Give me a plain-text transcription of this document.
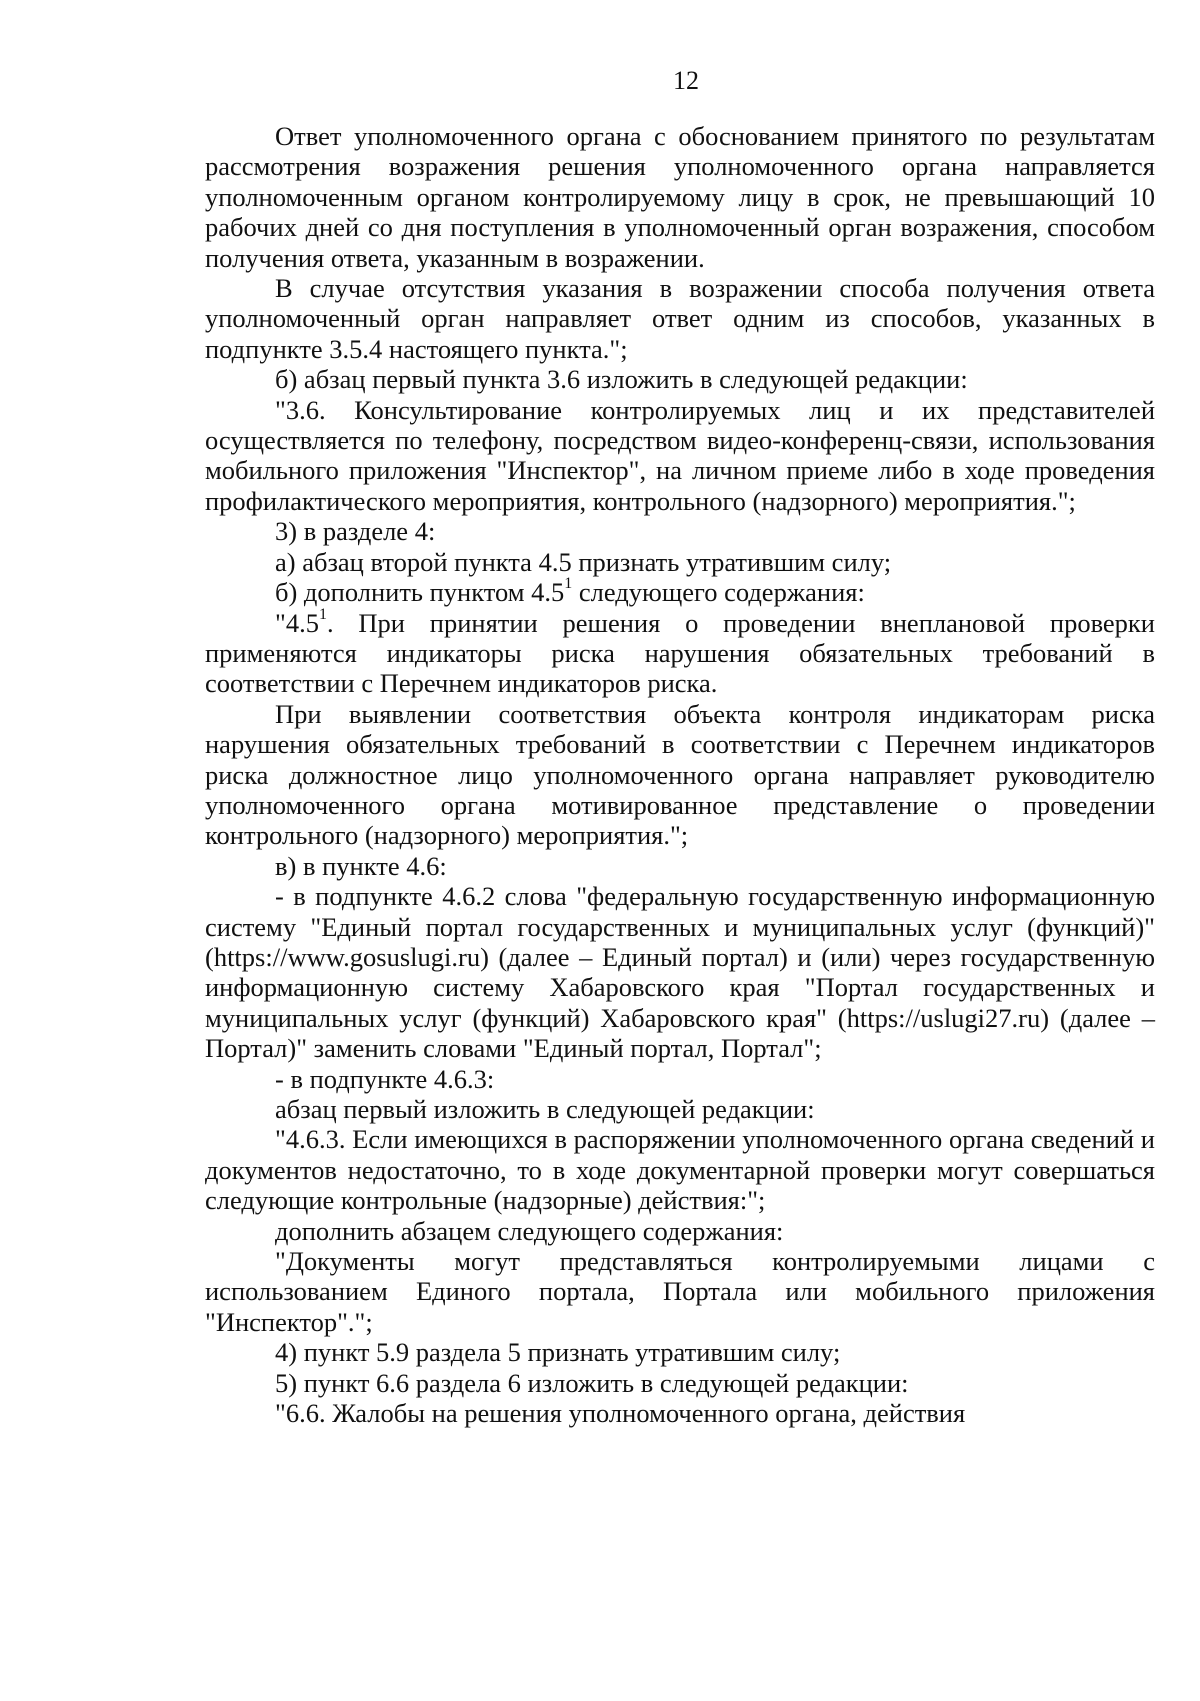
12

Ответ уполномоченного органа с обоснованием принятого по результатам рассмотрения возражения решения уполномоченного органа направляется уполномоченным органом контролируемому лицу в срок, не превышающий 10 рабочих дней со дня поступления в уполномоченный орган возражения, способом получения ответа, указанным в возражении.

В случае отсутствия указания в возражении способа получения ответа уполномоченный орган направляет ответ одним из способов, указанных в подпункте 3.5.4 настоящего пункта.";

б) абзац первый пункта 3.6 изложить в следующей редакции:

"3.6. Консультирование контролируемых лиц и их представителей осуществляется по телефону, посредством видео-конференц-связи, использования мобильного приложения "Инспектор", на личном приеме либо в ходе проведения профилактического мероприятия, контрольного (надзорного) мероприятия.";

3) в разделе 4:

а) абзац второй пункта 4.5 признать утратившим силу;

б) дополнить пунктом $4.5^1$ следующего содержания:

"$4.5^1$. При принятии решения о проведении внеплановой проверки применяются индикаторы риска нарушения обязательных требований в соответствии с Перечнем индикаторов риска.

При выявлении соответствия объекта контроля индикаторам риска нарушения обязательных требований в соответствии с Перечнем индикаторов риска должностное лицо уполномоченного органа направляет руководителю уполномоченного органа мотивированное представление о проведении контрольного (надзорного) мероприятия.";

в) в пункте 4.6:

- в подпункте 4.6.2 слова "федеральную государственную информационную систему "Единый портал государственных и муниципальных услуг (функций)" (https://www.gosuslugi.ru) (далее – Единый портал) и (или) через государственную информационную систему Хабаровского края "Портал государственных и муниципальных услуг (функций) Хабаровского края" (https://uslugi27.ru) (далее – Портал)" заменить словами "Единый портал, Портал";

- в подпункте 4.6.3:

абзац первый изложить в следующей редакции:

"4.6.3. Если имеющихся в распоряжении уполномоченного органа сведений и документов недостаточно, то в ходе документарной проверки могут совершаться следующие контрольные (надзорные) действия:";

дополнить абзацем следующего содержания:

"Документы могут представляться контролируемыми лицами с использованием Единого портала, Портала или мобильного приложения "Инспектор".";

4) пункт 5.9 раздела 5 признать утратившим силу;

5) пункт 6.6 раздела 6 изложить в следующей редакции:

"6.6. Жалобы на решения уполномоченного органа, действия
